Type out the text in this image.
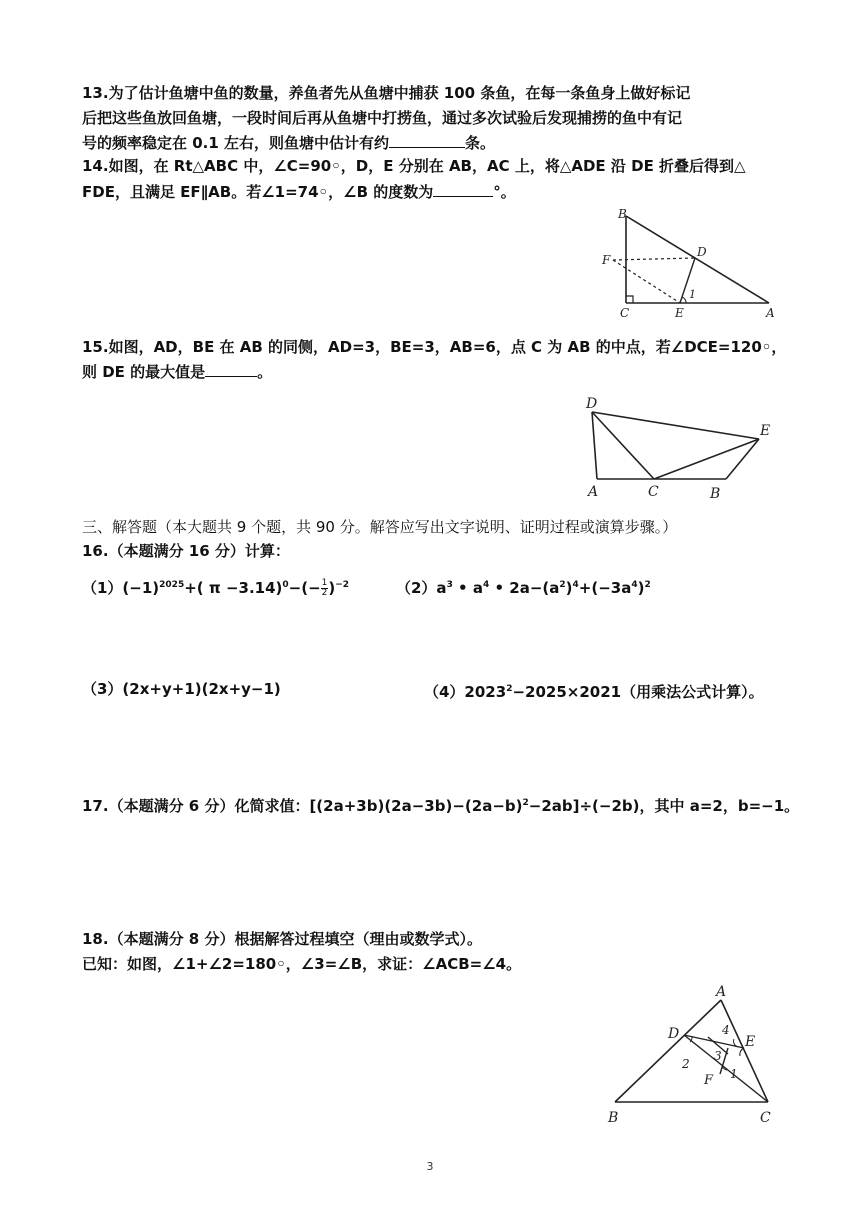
13.为了估计鱼塘中鱼的数量，养鱼者先从鱼塘中捕获 100 条鱼，在每一条鱼身上做好标记
后把这些鱼放回鱼塘，一段时间后再从鱼塘中打捞鱼，通过多次试验后发现捕捞的鱼中有记
号的频率稳定在 0.1 左右，则鱼塘中估计有约	条。
14.如图，在 Rt△ABC 中，∠C=90◦，D，E 分别在 AB，AC 上，将△ADE 沿 DE 折叠后得到△
FDE，且满足 EF∥AB。若∠1=74◦，∠B 的度数为	°。
B
D
F
C	E	A
1
15.如图，AD，BE 在 AB 的同侧，AD=3，BE=3，AB=6，点 C 为 AB 的中点，若∠DCE=120◦，
则 DE 的最大值是	。
D
E
A	C	B
三、解答题（本大题共 9 个题，共 90 分。解答应写出文字说明、证明过程或演算步骤。）
16.（本题满分 16 分）计算：
$(1)(-1)^{2025}+$( $\pi -3.14)^0-(- \frac{1}{2} )^{-2}$	$(2)a^3$ • $a^4$ • $2a-(a^2)^4+(-3a^4)^2$
（3）(2x+y+1)(2x+y−1)	$(4)2023^2-2025\times 2021$（用乘法公式计算）。
17.（本题满分 6 分）化简求值：$[(2a+3b)(2a-3b)-(2a-b)^2-2ab]\div(-2b)$，其中 a=2，b=−1。
18.（本题满分 8 分）根据解答过程填空（理由或数学式）。
已知：如图，∠1+∠2=180◦，∠3=∠B，求证：∠ACB=∠4。
A
D	E
B	C
F 1
2
3
4
3
